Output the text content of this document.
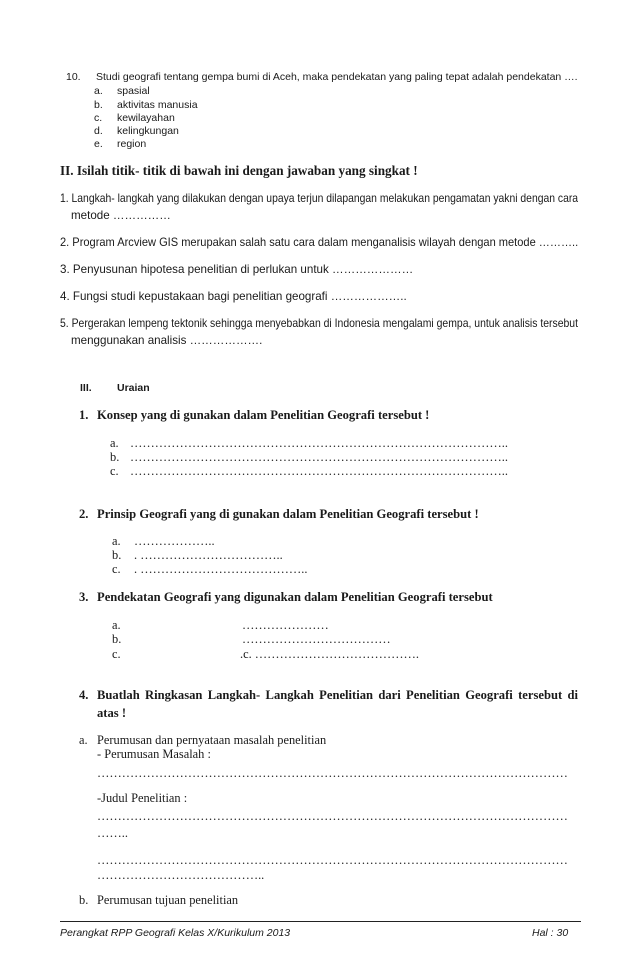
10. Studi geografi tentang gempa bumi di Aceh, maka pendekatan yang paling tepat adalah pendekatan ….
a. spasial
b. aktivitas manusia
c. kewilayahan
d. kelingkungan
e. region
II. Isilah titik- titik di bawah ini dengan jawaban yang singkat !
1. Langkah- langkah yang dilakukan dengan upaya terjun dilapangan melakukan pengamatan yakni dengan cara
metode ……………
2. Program Arcview GIS merupakan salah satu cara dalam menganalisis wilayah dengan metode ………..
3. Penyusunan hipotesa penelitian di perlukan untuk …………………
4. Fungsi studi kepustakaan bagi penelitian geografi ………………..
5. Pergerakan lempeng tektonik sehingga menyebabkan di Indonesia mengalami gempa, untuk analisis tersebut
menggunakan analisis ……………….
III. Uraian
1. Konsep yang di gunakan dalam Penelitian Geografi tersebut !
a. ………………………………………………………………………………..
b. ………………………………………………………………………………..
c. ………………………………………………………………………………..
2. Prinsip Geografi yang di gunakan dalam Penelitian Geografi tersebut !
a. ………………..
b. . ……………………………..
c. . …………………………………..
3. Pendekatan Geografi yang digunakan dalam Penelitian Geografi tersebut
a.	…………………
b.	………………………………
c.	.c. ………………………………….
4. Buatlah Ringkasan Langkah- Langkah Penelitian dari Penelitian Geografi tersebut di
atas !
a. Perumusan dan pernyataan masalah penelitian
- Perumusan Masalah :
……………………………………………………………………………………………………
-Judul Penelitian :
……………………………………………………………………………………………………
……..
……………………………………………………………………………………………………
…………………………………..
b. Perumusan tujuan penelitian
Perangkat RPP Geografi Kelas X/Kurikulum 2013	Hal : 30
